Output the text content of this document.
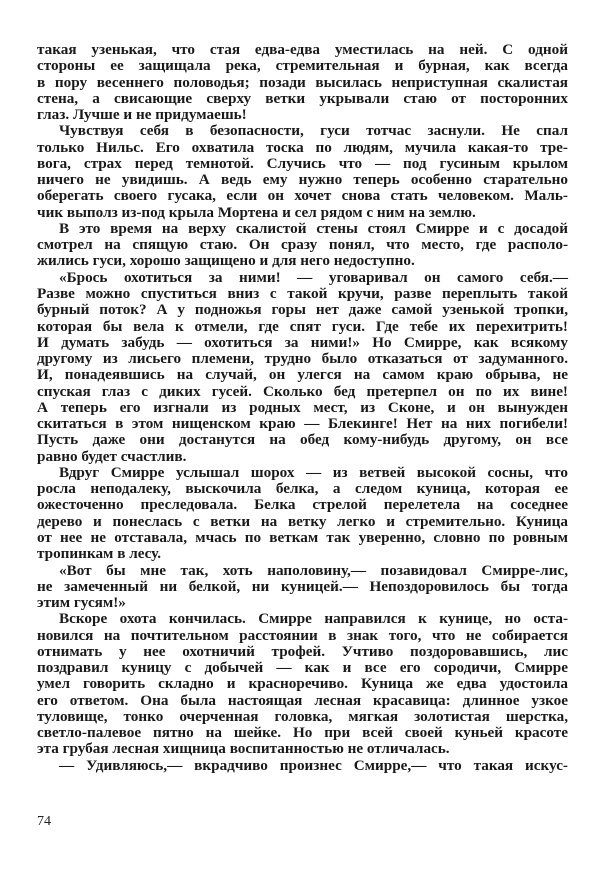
такая узенькая, что стая едва-едва уместилась на ней. С одной
стороны ее защищала река, стремительная и бурная, как всегда
в пору весеннего половодья; позади высилась неприступная скалистая
стена, а свисающие сверху ветки укрывали стаю от посторонних
глаз. Лучше и не придумаешь!
Чувствуя себя в безопасности, гуси тотчас заснули. Не спал
только Нильс. Его охватила тоска по людям, мучила какая-то тре-
вога, страх перед темнотой. Случись что — под гусиным крылом
ничего не увидишь. А ведь ему нужно теперь особенно старательно
оберегать своего гусака, если он хочет снова стать человеком. Маль-
чик выполз из-под крыла Мортена и сел рядом с ним на землю.
В это время на верху скалистой стены стоял Смирре и с досадой
смотрел на спящую стаю. Он сразу понял, что место, где располо-
жились гуси, хорошо защищено и для него недоступно.
«Брось охотиться за ними! — уговаривал он самого себя.—
Разве можно спуститься вниз с такой кручи, разве переплыть такой
бурный поток? А у подножья горы нет даже самой узенькой тропки,
которая бы вела к отмели, где спят гуси. Где тебе их перехитрить!
И думать забудь — охотиться за ними!» Но Смирре, как всякому
другому из лисьего племени, трудно было отказаться от задуманного.
И, понадеявшись на случай, он улегся на самом краю обрыва, не
спуская глаз с диких гусей. Сколько бед претерпел он по их вине!
А теперь его изгнали из родных мест, из Сконе, и он вынужден
скитаться в этом нищенском краю — Блекинге! Нет на них погибели!
Пусть даже они достанутся на обед кому-нибудь другому, он все
равно будет счастлив.
Вдруг Смирре услышал шорох — из ветвей высокой сосны, что
росла неподалеку, выскочила белка, а следом куница, которая ее
ожесточенно преследовала. Белка стрелой перелетела на соседнее
дерево и понеслась с ветки на ветку легко и стремительно. Куница
от нее не отставала, мчась по веткам так уверенно, словно по ровным
тропинкам в лесу.
«Вот бы мне так, хоть наполовину,— позавидовал Смирре-лис,
не замеченный ни белкой, ни куницей.— Непоздоровилось бы тогда
этим гусям!»
Вскоре охота кончилась. Смирре направился к кунице, но оста-
новился на почтительном расстоянии в знак того, что не собирается
отнимать у нее охотничий трофей. Учтиво поздоровавшись, лис
поздравил куницу с добычей — как и все его сородичи, Смирре
умел говорить складно и красноречиво. Куница же едва удостоила
его ответом. Она была настоящая лесная красавица: длинное узкое
туловище, тонко очерченная головка, мягкая золотистая шерстка,
светло-палевое пятно на шейке. Но при всей своей куньей красоте
эта грубая лесная хищница воспитанностью не отличалась.
— Удивляюсь,— вкрадчиво произнес Смирре,— что такая искус-
74
